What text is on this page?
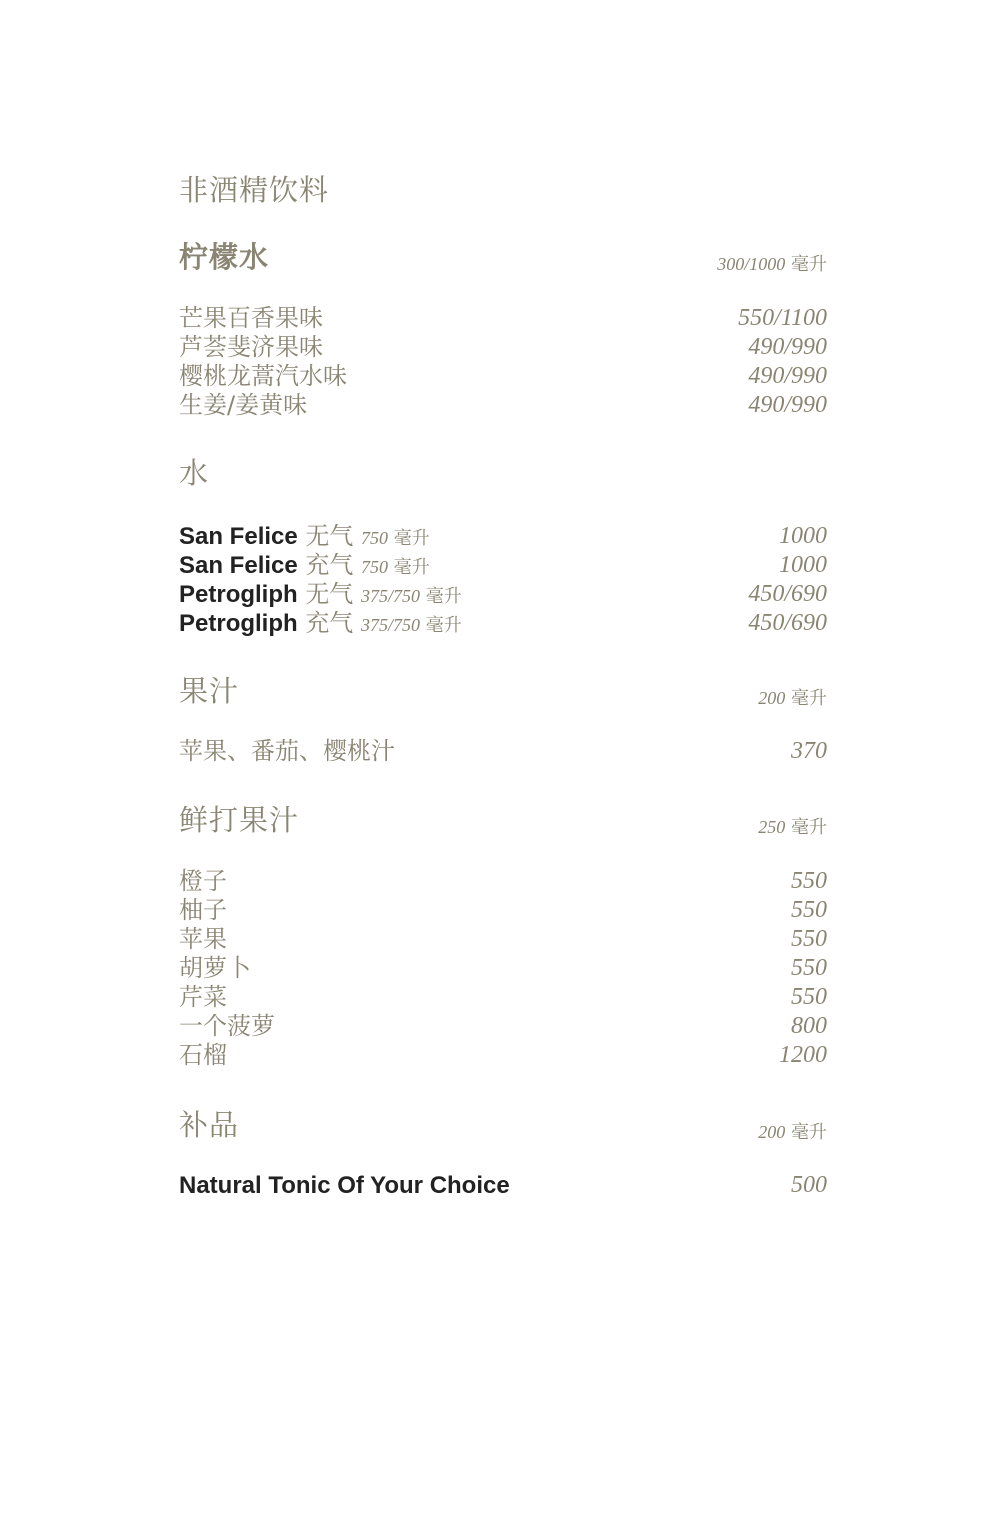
非酒精饮料
柠檬水	300/1000 毫升
芒果百香果味	550/1100
芦荟斐济果味	490/990
樱桃龙蒿汽水味	490/990
生姜/姜黄味	490/990
水
San Felice 无气 750 毫升	1000
San Felice 充气 750 毫升	1000
Petrogliph 无气 375/750 毫升	450/690
Petrogliph 充气 375/750 毫升	450/690
果汁	200 毫升
苹果、番茄、樱桃汁	370
鲜打果汁	250 毫升
橙子	550
柚子	550
苹果	550
胡萝卜	550
芹菜	550
一个菠萝	800
石榴	1200
补品	200 毫升
Natural Tonic Of Your Choice	500
